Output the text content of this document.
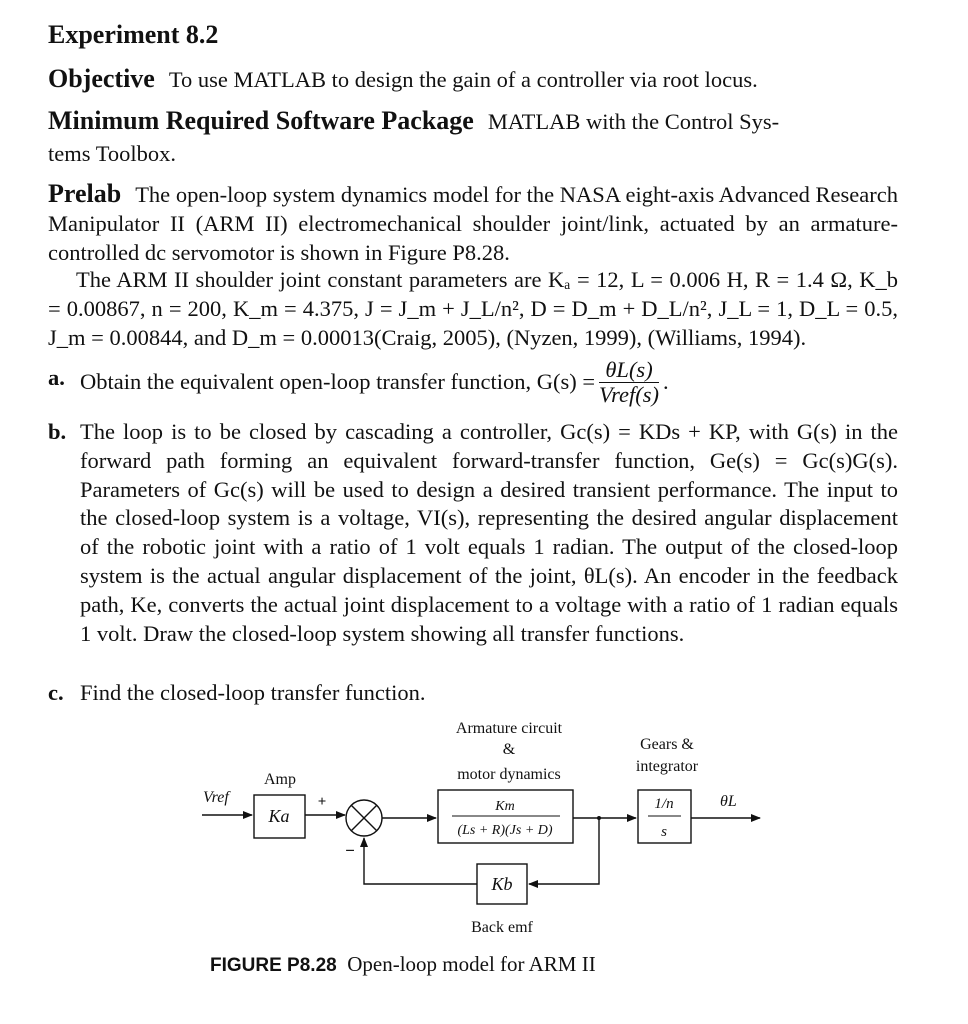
Experiment 8.2
Objective To use MATLAB to design the gain of a controller via root locus.
Minimum Required Software Package MATLAB with the Control Sys-
tems Toolbox.
Prelab The open-loop system dynamics model for the NASA eight-axis Advanced Research Manipulator II (ARM II) electromechanical shoulder joint/link, actuated by an armature-controlled dc servomotor is shown in Figure P8.28.
The ARM II shoulder joint constant parameters are Kₐ = 12, L = 0.006 H, R = 1.4 Ω, K_b = 0.00867, n = 200, K_m = 4.375, J = J_m + J_L/n², D = D_m + D_L/n², J_L = 1, D_L = 0.5, J_m = 0.00844, and D_m = 0.00013(Craig, 2005), (Nyzen, 1999), (Williams, 1994).
a. Obtain the equivalent open-loop transfer function, $G(s) = \frac{\theta L(s)}{\text{Vref(s)}}$ .
b. The loop is to be closed by cascading a controller, Gc(s) = KDs + KP, with G(s) in the forward path forming an equivalent forward-transfer function, Ge(s) = Gc(s)G(s). Parameters of Gc(s) will be used to design a desired transient performance. The input to the closed-loop system is a voltage, VI(s), representing the desired angular displacement of the robotic joint with a ratio of 1 volt equals 1 radian. The output of the closed-loop system is the actual angular displacement of the joint, θL(s). An encoder in the feedback path, Ke, converts the actual joint displacement to a voltage with a ratio of 1 radian equals 1 volt. Draw the closed-loop system showing all transfer functions.
c. Find the closed-loop transfer function.
Armature circuit
&
motor dynamics
Gears &
integrator
Amp
Vref
Ka
+
−
Km
(Ls + R)(Js + D)
1/n
s
θL
Kb
Back emf
FIGURE P8.28 Open-loop model for ARM II
